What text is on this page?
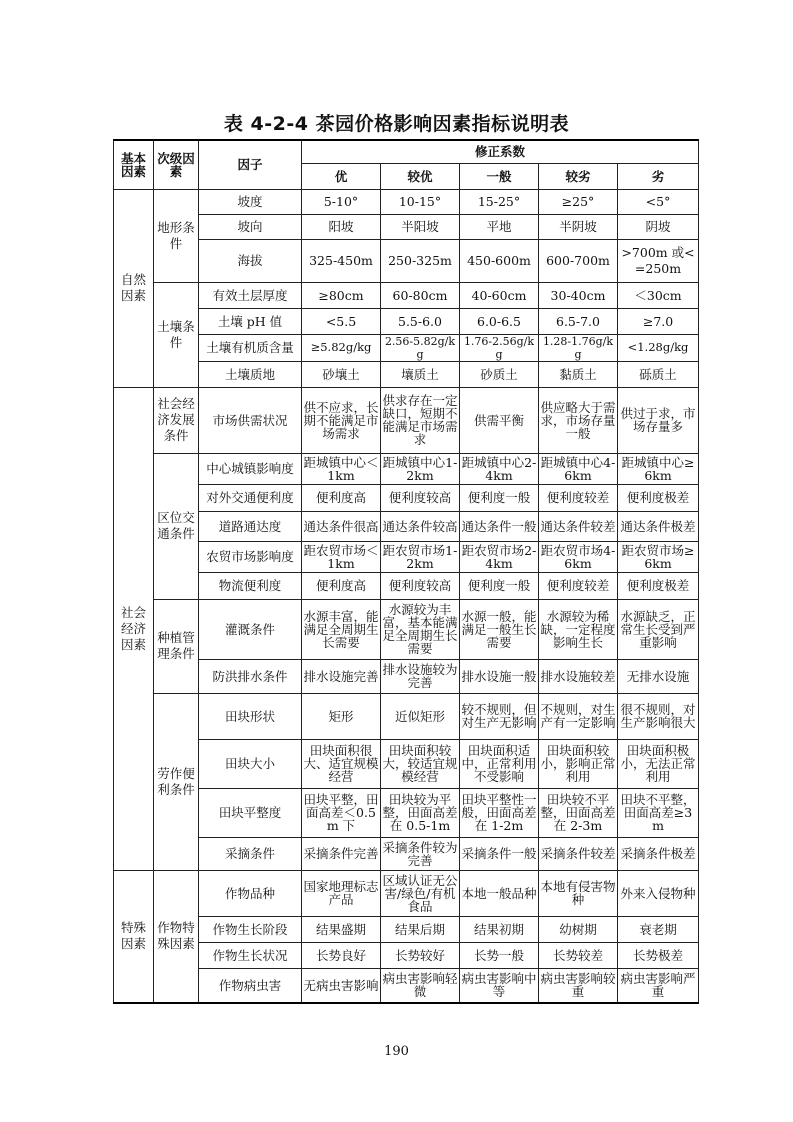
表 4-2-4 茶园价格影响因素指标说明表
基本因素	次级因素	因子	修正系数				
			优	较优	一般	较劣	劣
自然因素	地形条件	坡度	5-10°	10-15°	15-25°	≥25°	<5°
		坡向	阳坡	半阳坡	平地	半阴坡	阴坡
		海拔	325-450m	250-325m	450-600m	600-700m	>700m 或<=250m
	土壤条件	有效土层厚度	≥80cm	60-80cm	40-60cm	30-40cm	＜30cm
		土壤 pH 值	<5.5	5.5-6.0	6.0-6.5	6.5-7.0	≥7.0
		土壤有机质含量	≥5.82g/kg	2.56-5.82g/kg	1.76-2.56g/kg	1.28-1.76g/kg	<1.28g/kg
		土壤质地	砂壤土	壤质土	砂质土	黏质土	砾质土
社会经济因素	社会经济发展条件	市场供需状况	供不应求，长期不能满足市场需求	供求存在一定缺口，短期不能满足市场需求	供需平衡	供应略大于需求，市场存量一般	供过于求，市场存量多
	区位交通条件	中心城镇影响度	距城镇中心＜1km	距城镇中心1-2km	距城镇中心2-4km	距城镇中心4-6km	距城镇中心≥6km
		对外交通便利度	便利度高	便利度较高	便利度一般	便利度较差	便利度极差
		道路通达度	通达条件很高	通达条件较高	通达条件一般	通达条件较差	通达条件极差
		农贸市场影响度	距农贸市场＜1km	距农贸市场1-2km	距农贸市场2-4km	距农贸市场4-6km	距农贸市场≥6km
		物流便利度	便利度高	便利度较高	便利度一般	便利度较差	便利度极差
	种植管理条件	灌溉条件	水源丰富，能满足全周期生长需要	水源较为丰富，基本能满足全周期生长需要	水源一般，能满足一般生长需要	水源较为稀缺，一定程度影响生长	水源缺乏，正常生长受到严重影响
		防洪排水条件	排水设施完善	排水设施较为完善	排水设施一般	排水设施较差	无排水设施
	劳作便利条件	田块形状	矩形	近似矩形	较不规则，但对生产无影响	不规则，对生产有一定影响	很不规则，对生产影响很大
		田块大小	田块面积很大、适宜规模经营	田块面积较大，较适宜规模经营	田块面积适中，正常利用不受影响	田块面积较小，影响正常利用	田块面积极小，无法正常利用
		田块平整度	田块平整，田面高差＜0.5m 下	田块较为平整，田面高差在 0.5-1m	田块平整性一般，田面高差在 1-2m	田块较不平整，田面高差在 2-3m	田块不平整，田面高差≥3m
		采摘条件	采摘条件完善	采摘条件较为完善	采摘条件一般	采摘条件较差	采摘条件极差
特殊因素	作物特殊因素	作物品种	国家地理标志产品	区域认证无公害/绿色/有机食品	本地一般品种	本地有侵害物种	外来入侵物种
		作物生长阶段	结果盛期	结果后期	结果初期	幼树期	衰老期
		作物生长状况	长势良好	长势较好	长势一般	长势较差	长势极差
		作物病虫害	无病虫害影响	病虫害影响轻微	病虫害影响中等	病虫害影响较重	病虫害影响严重
190
